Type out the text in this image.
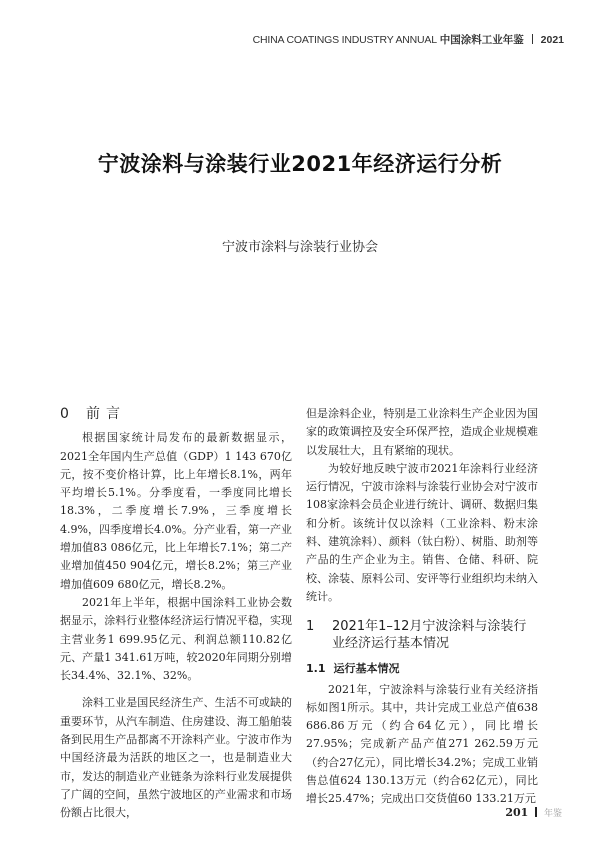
CHINA COATINGS INDUSTRY ANNUAL 中国涂料工业年鉴 2021
宁波涂料与涂装行业2021年经济运行分析
宁波市涂料与涂装行业协会
0	前言

根据国家统计局发布的最新数据显示，2021全年国内生产总值（GDP）1 143 670亿元，按不变价格计算，比上年增长8.1%，两年平均增长5.1%。分季度看，一季度同比增长18.3%，二季度增长7.9%，三季度增长4.9%，四季度增长4.0%。分产业看，第一产业增加值83 086亿元，比上年增长7.1%；第二产业增加值450 904亿元，增长8.2%；第三产业增加值609 680亿元，增长8.2%。

2021年上半年，根据中国涂料工业协会数据显示，涂料行业整体经济运行情况平稳，实现主营业务1 699.95亿元、利润总额110.82亿元、产量1 341.61万吨，较2020年同期分别增长34.4%、32.1%、32%。

涂料工业是国民经济生产、生活不可或缺的重要环节，从汽车制造、住房建设、海工船舶装备到民用生产品都离不开涂料产业。宁波市作为中国经济最为活跃的地区之一，也是制造业大市，发达的制造业产业链条为涂料行业发展提供了广阔的空间，虽然宁波地区的产业需求和市场份额占比很大，

但是涂料企业，特别是工业涂料生产企业因为国家的政策调控及安全环保严控，造成企业规模难以发展壮大，且有紧缩的现状。

为较好地反映宁波市2021年涂料行业经济运行情况，宁波市涂料与涂装行业协会对宁波市108家涂料会员企业进行统计、调研、数据归集和分析。该统计仅以涂料（工业涂料、粉末涂料、建筑涂料）、颜料（钛白粉）、树脂、助剂等产品的生产企业为主。销售、仓储、科研、院校、涂装、原料公司、安评等行业组织均未纳入统计。

1	2021年1–12月宁波涂料与涂装行业经济运行基本情况
1.1 运行基本情况

2021年，宁波涂料与涂装行业有关经济指标如图1所示。其中，共计完成工业总产值638 686.86万元（约合64亿元），同比增长27.95%；完成新产品产值271 262.59万元（约合27亿元），同比增长34.2%；完成工业销售总值624 130.13万元（约合62亿元），同比增长25.47%；完成出口交货值60 133.21万元

201 年鉴
